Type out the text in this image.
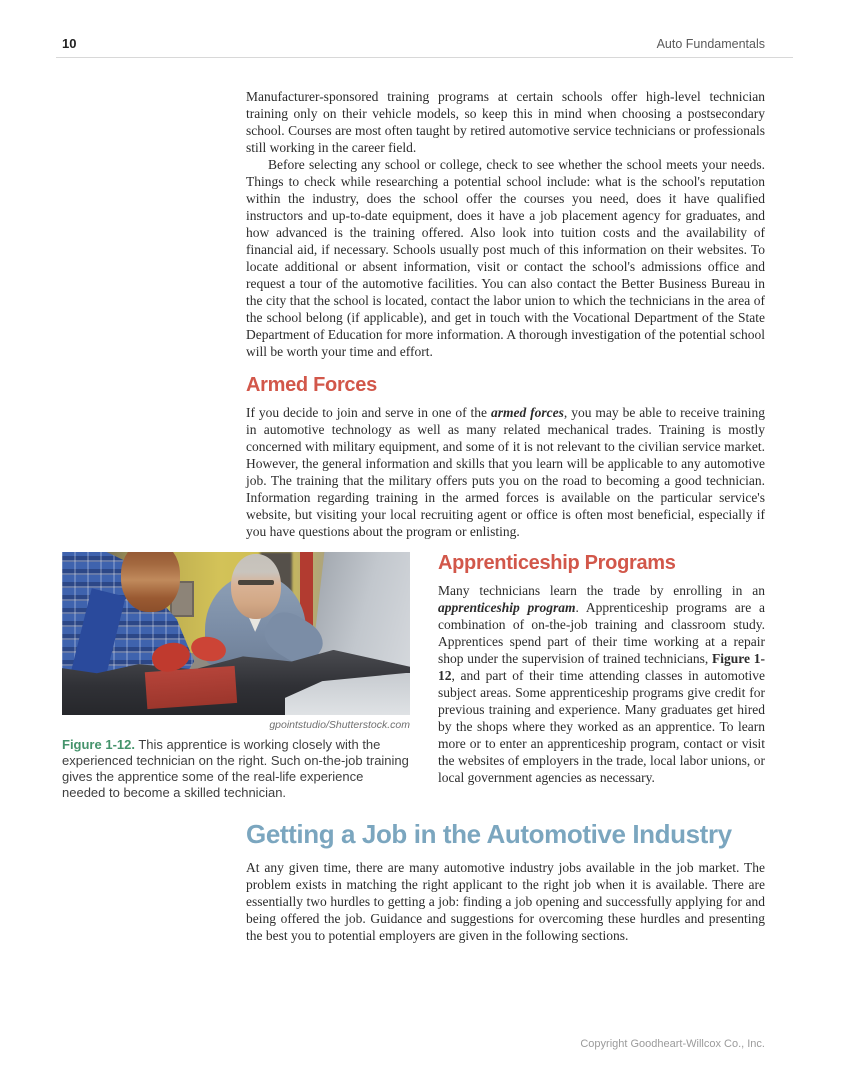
10	Auto Fundamentals

Manufacturer-sponsored training programs at certain schools offer high-level technician training only on their vehicle models, so keep this in mind when choosing a postsecondary school. Courses are most often taught by retired automotive service technicians or professionals still working in the career field.

Before selecting any school or college, check to see whether the school meets your needs. Things to check while researching a potential school include: what is the school's reputation within the industry, does the school offer the courses you need, does it have qualified instructors and up-to-date equipment, does it have a job placement agency for graduates, and how advanced is the training offered. Also look into tuition costs and the availability of financial aid, if necessary. Schools usually post much of this information on their websites. To locate additional or absent information, visit or contact the school's admissions office and request a tour of the automotive facilities. You can also contact the Better Business Bureau in the city that the school is located, contact the labor union to which the technicians in the area of the school belong (if applicable), and get in touch with the Vocational Department of the State Department of Education for more information. A thorough investigation of the potential school will be worth your time and effort.

Armed Forces

If you decide to join and serve in one of the armed forces, you may be able to receive training in automotive technology as well as many related mechanical trades. Training is mostly concerned with military equipment, and some of it is not relevant to the civilian service market. However, the general information and skills that you learn will be applicable to any automotive job. The training that the military offers puts you on the road to becoming a good technician. Information regarding training in the armed forces is available on the particular service's website, but visiting your local recruiting agent or office is often most beneficial, especially if you have questions about the program or enlisting.

gpointstudio/Shutterstock.com
Figure 1-12. This apprentice is working closely with the experienced technician on the right. Such on-the-job training gives the apprentice some of the real-life experience needed to become a skilled technician.
Apprenticeship Programs

Many technicians learn the trade by enrolling in an apprenticeship program. Apprenticeship programs are a combination of on-the-job training and classroom study. Apprentices spend part of their time working at a repair shop under the supervision of trained technicians, Figure 1-12, and part of their time attending classes in automotive subject areas. Some apprenticeship programs give credit for previous training and experience. Many graduates get hired by the shops where they worked as an apprentice. To learn more or to enter an apprenticeship program, contact or visit the websites of employers in the trade, local labor unions, or local government agencies as necessary.

Getting a Job in the Automotive Industry

At any given time, there are many automotive industry jobs available in the job market. The problem exists in matching the right applicant to the right job when it is available. There are essentially two hurdles to getting a job: finding a job opening and successfully applying for and being offered the job. Guidance and suggestions for overcoming these hurdles and presenting the best you to potential employers are given in the following sections.

Copyright Goodheart-Willcox Co., Inc.
